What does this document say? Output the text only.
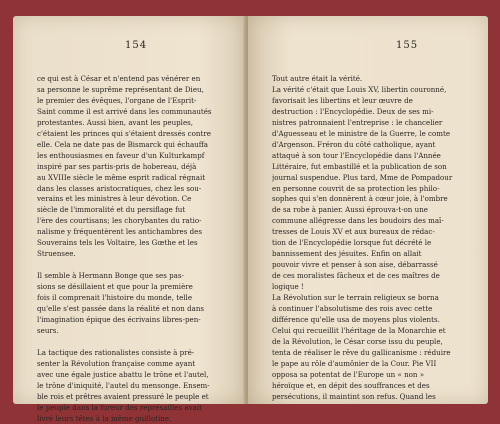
154
ce qui est à César et n'entend pas vénérer en
sa personne le suprême représentant de Dieu,
le premier des évêques, l'organe de l'Esprit-
Saint comme il est arrivé dans les communautés
protestantes. Aussi bien, avant les peuples,
c'étaient les princes qui s'étaient dressés contre
elle. Cela ne date pas de Bismarck qui échauffa
les enthousiasmes en faveur d'un Kulturkampf
inspiré par ses partis-pris de hobereau, déjà
au XVIIIe siècle le même esprit radical régnait
dans les classes aristocratiques, chez les sou-
verains et les ministres à leur dévotion. Ce
siècle de l'immoralité et du persiflage fut
l'ère des courtisans; les chorybantes du ratio-
nalisme y fréquentèrent les antichambres des
Souverains tels les Voltaire, les Gœthe et les
Struensee.
Il semble à Hermann Bonge que ses pas-
sions se désillaient et que pour la première
fois il comprenait l'histoire du monde, telle
qu'elle s'est passée dans la réalité et non dans
l'imagination épique des écrivains libres-pen-
seurs.
La tactique des rationalistes consiste à pré-
senter la Révolution française comme ayant
avec une égale justice abattu le trône et l'autel,
le trône d'iniquité, l'autel du mensonge. Ensem-
ble rois et prêtres avaient pressuré le peuple et
le peuple dans la fureur des représailles avait
livré leurs têtes à la même guillotine.
155
Tout autre était la vérité.
La vérité c'était que Louis XV, libertin couronné,
favorisait les libertins et leur œuvre de
destruction : l'Encyclopédie. Deux de ses mi-
nistres patronnaient l'entreprise : le chancelier
d'Aguesseau et le ministre de la Guerre, le comte
d'Argenson. Fréron du côté catholique, ayant
attaqué à son tour l'Encyclopédie dans l'Année
Littéraire, fut embastillé et la publication de son
journal suspendue. Plus tard, Mme de Pompadour
en personne couvrit de sa protection les philo-
sophes qui s'en donnèrent à cœur joie, à l'ombre
de sa robe à panier. Aussi éprouva-t-on une
commune allégresse dans les boudoirs des maî-
tresses de Louis XV et aux bureaux de rédac-
tion de l'Encyclopédie lorsque fut décrété le
bannissement des jésuites. Enfin on allait
pouvoir vivre et penser à son aise, débarrassé
de ces moralistes fâcheux et de ces maîtres de
logique !
La Révolution sur le terrain religieux se borna
à continuer l'absolutisme des rois avec cette
différence qu'elle usa de moyens plus violents.
Celui qui recueillit l'héritage de la Monarchie et
de la Révolution, le César corse issu du peuple,
tenta de réaliser le rêve du gallicanisme : réduire
le pape au rôle d'aumônier de la Cour. Pie VII
opposa sa potentat de l'Europe un « non »
héroïque et, en dépit des souffrances et des
persécutions, il maintint son refus. Quand les
